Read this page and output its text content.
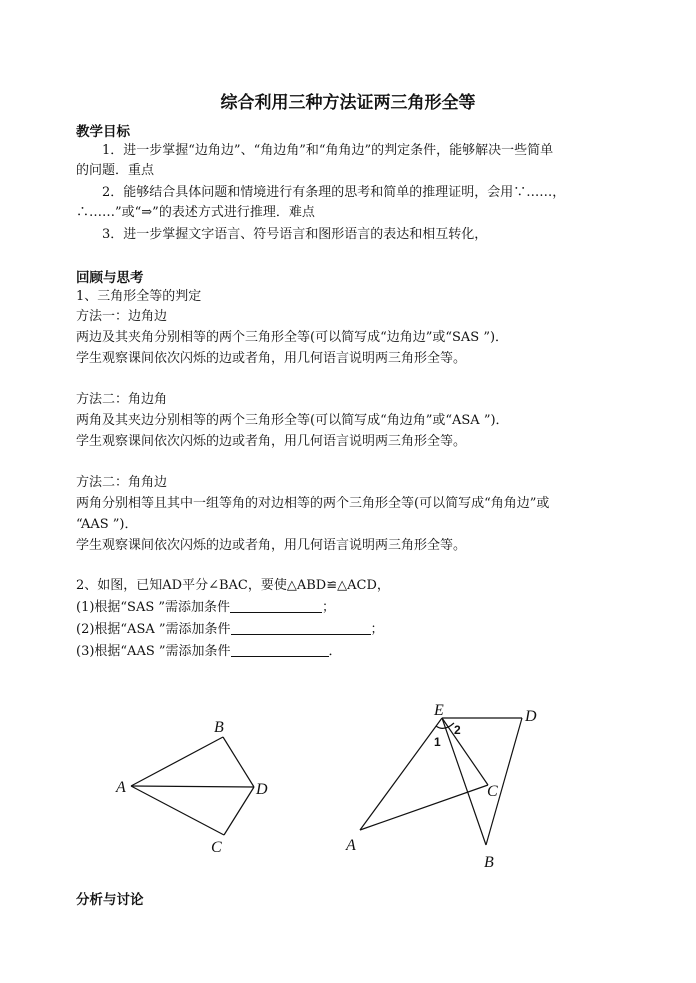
综合利用三种方法证两三角形全等
教学目标
1．进一步掌握“边角边”、“角边角”和“角角边”的判定条件，能够解决一些简单
的问题．重点
2．能够结合具体问题和情境进行有条理的思考和简单的推理证明，会用∵……，
∴……”或“⇒”的表述方式进行推理．难点
3．进一步掌握文字语言、符号语言和图形语言的表达和相互转化，
回顾与思考
1、三角形全等的判定
方法一：边角边
两边及其夹角分别相等的两个三角形全等(可以简写成“边角边”或“SAS ”)．
学生观察课间依次闪烁的边或者角，用几何语言说明两三角形全等。
方法二：角边角
两角及其夹边分别相等的两个三角形全等(可以简写成“角边角”或“ASA ”)．
学生观察课间依次闪烁的边或者角，用几何语言说明两三角形全等。
方法二：角角边
两角分别相等且其中一组等角的对边相等的两个三角形全等(可以简写成“角角边”或
“AAS ”)．
学生观察课间依次闪烁的边或者角，用几何语言说明两三角形全等。
2、如图，已知AD平分∠BAC，要使△ABD≌△ACD，
(1)根据“SAS ”需添加条件	；
(2)根据“ASA ”需添加条件	；
(3)根据“AAS ”需添加条件	．
A
B
D
C
E	D
C
A
B
1
2
分析与讨论
